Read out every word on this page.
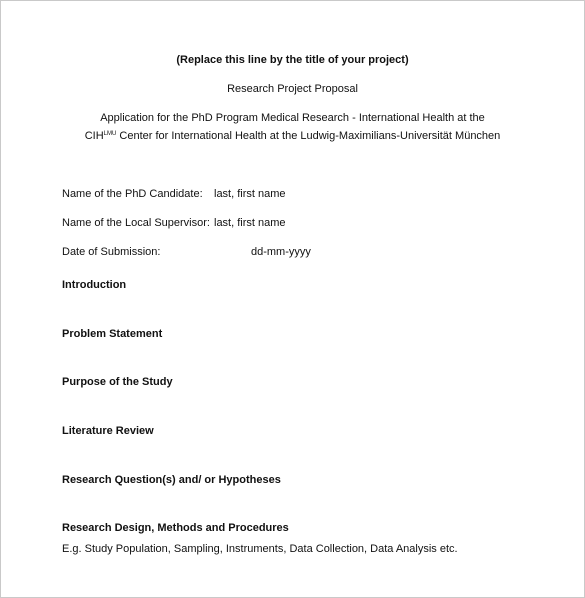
(Replace this line by the title of your project)
Research Project Proposal
Application for the PhD Program Medical Research - International Health at the
$CIH^{LMU}$ Center for International Health at the Ludwig-Maximilians-Universität München
Name of the PhD Candidate: last, first name
Name of the Local Supervisor: last, first name
Date of Submission:	dd-mm-yyyy
Introduction
Problem Statement
Purpose of the Study
Literature Review
Research Question(s) and/ or Hypotheses
Research Design, Methods and Procedures
E.g. Study Population, Sampling, Instruments, Data Collection, Data Analysis etc.
